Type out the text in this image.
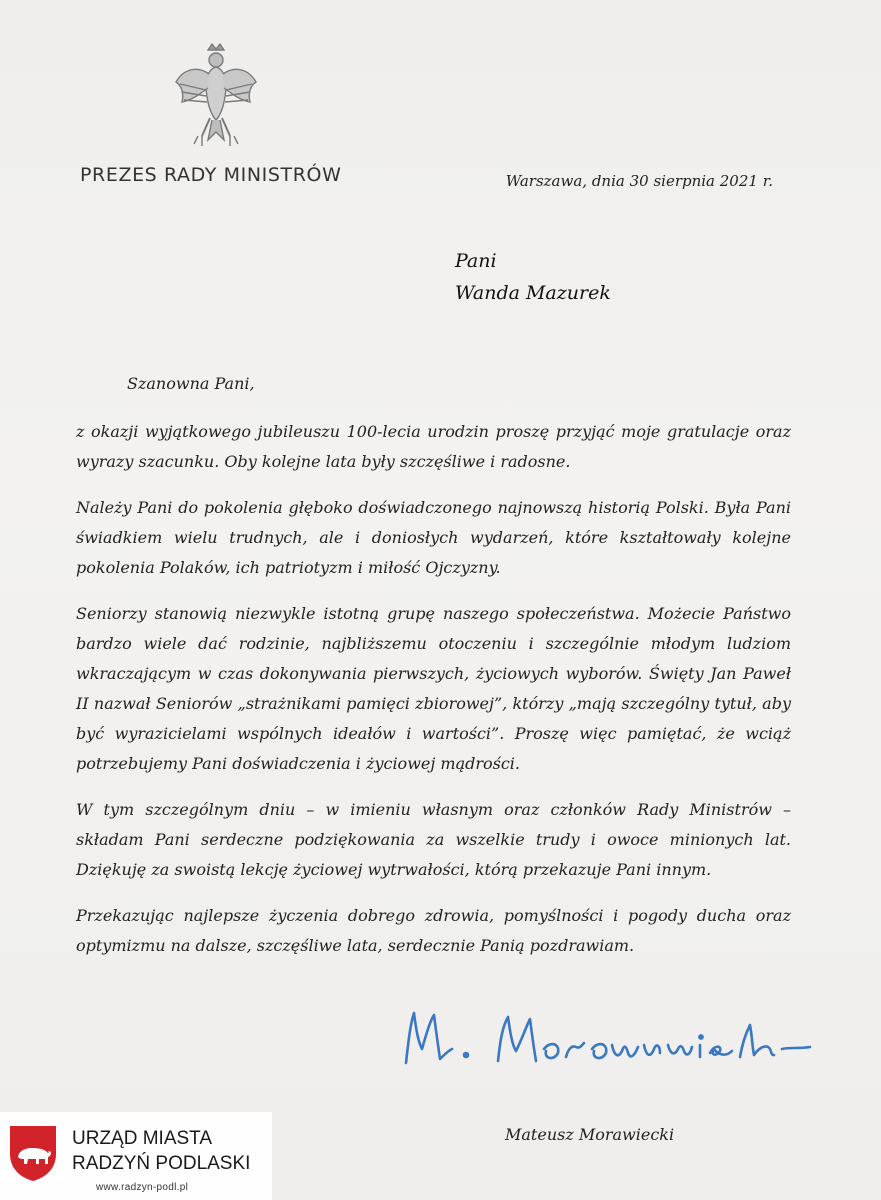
PREZES RADY MINISTRÓW	Warszawa, dnia 30 sierpnia 2021 r.
Pani
Wanda Mazurek
Szanowna Pani,

z okazji wyjątkowego jubileuszu 100-lecia urodzin proszę przyjąć moje gratulacje oraz wyrazy szacunku. Oby kolejne lata były szczęśliwe i radosne.

Należy Pani do pokolenia głęboko doświadczonego najnowszą historią Polski. Była Pani świadkiem wielu trudnych, ale i doniosłych wydarzeń, które kształtowały kolejne pokolenia Polaków, ich patriotyzm i miłość Ojczyzny.

Seniorzy stanowią niezwykle istotną grupę naszego społeczeństwa. Możecie Państwo bardzo wiele dać rodzinie, najbliższemu otoczeniu i szczególnie młodym ludziom wkraczającym w czas dokonywania pierwszych, życiowych wyborów. Święty Jan Paweł II nazwał Seniorów „strażnikami pamięci zbiorowej”, którzy „mają szczególny tytuł, aby być wyrazicielami wspólnych ideałów i wartości”. Proszę więc pamiętać, że wciąż potrzebujemy Pani doświadczenia i życiowej mądrości.

W tym szczególnym dniu – w imieniu własnym oraz członków Rady Ministrów – składam Pani serdeczne podziękowania za wszelkie trudy i owoce minionych lat. Dziękuję za swoistą lekcję życiowej wytrwałości, którą przekazuje Pani innym.

Przekazując najlepsze życzenia dobrego zdrowia, pomyślności i pogody ducha oraz optymizmu na dalsze, szczęśliwe lata, serdecznie Panią pozdrawiam.

Mateusz Morawiecki
URZĄD MIASTA
RADZYŃ PODLASKI
www.radzyn-podl.pl
